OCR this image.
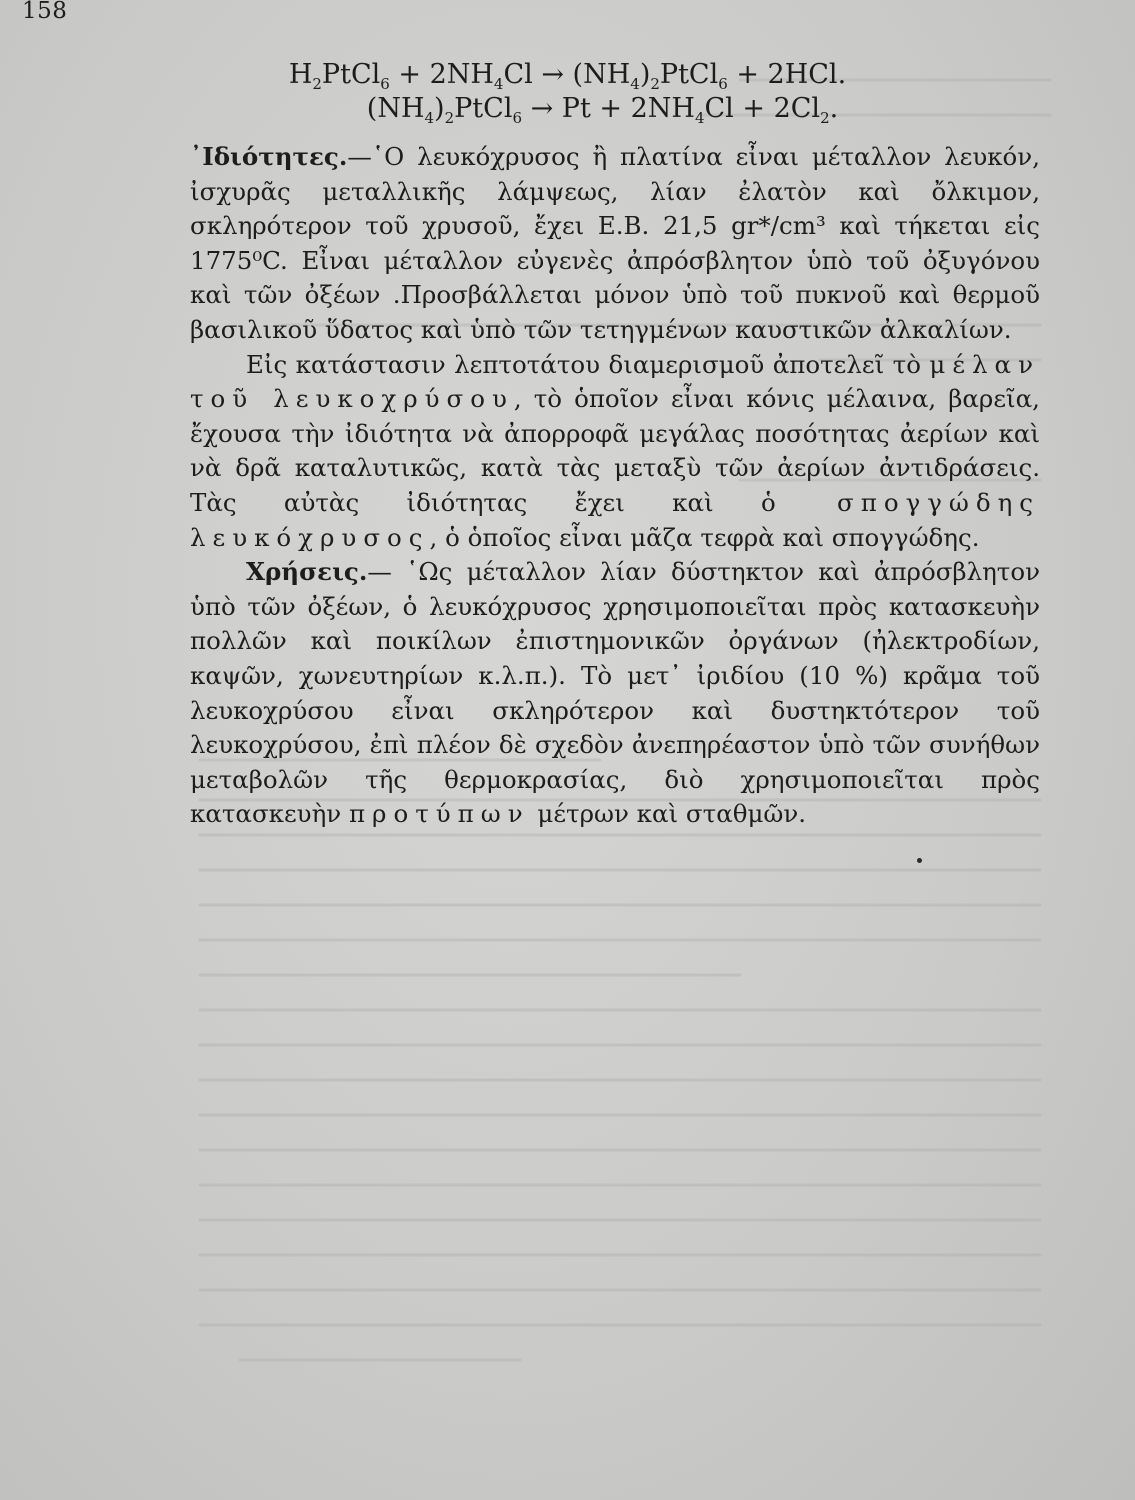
158
$H_2PtCl_6 + 2NH_4Cl$ → $(NH_4)_2PtCl_6 + 2HCl$.
$(NH_4)_2PtCl_6 \to Pt + 2NH_4Cl + 2Cl_2$.

᾿Ιδιότητες.—῾Ο λευκόχρυσος ἢ πλατίνα εἶναι μέταλλον λευκόν, ἰσχυρᾶς μεταλλικῆς λάμψεως, λίαν ἐλατὸν καὶ ὄλκιμον, σκληρότερον τοῦ χρυσοῦ, ἔχει Ε.Β. 21,5 gr*/cm³ καὶ τήκεται εἰς 1775⁰C. Εἶναι μέταλλον εὐγενὲς ἀπρόσβλητον ὑπὸ τοῦ ὀξυγόνου καὶ τῶν ὀξέων .Προσβάλλεται μόνον ὑπὸ τοῦ πυκνοῦ καὶ θερμοῦ βασιλικοῦ ὕδατος καὶ ὑπὸ τῶν τετηγμένων καυστικῶν ἀλκαλίων.

Εἰς κατάστασιν λεπτοτάτου διαμερισμοῦ ἀποτελεῖ τὸ μέλαν τοῦ λευκοχρύσου, τὸ ὁποῖον εἶναι κόνις μέλαινα, βαρεῖα, ἔχουσα τὴν ἰδιότητα νὰ ἀπορροφᾶ μεγάλας ποσότητας ἀερίων καὶ νὰ δρᾶ καταλυτικῶς, κατὰ τὰς μεταξὺ τῶν ἀερίων ἀντιδράσεις. Τὰς αὐτὰς ἰδιότητας ἔχει καὶ ὁ σπογγώδης λευκόχρυσος, ὁ ὁποῖος εἶναι μᾶζα τεφρὰ καὶ σπογγώδης.

Χρήσεις.— ῾Ως μέταλλον λίαν δύστηκτον καὶ ἀπρόσβλητον ὑπὸ τῶν ὀξέων, ὁ λευκόχρυσος χρησιμοποιεῖται πρὸς κατασκευὴν πολλῶν καὶ ποικίλων ἐπιστημονικῶν ὀργάνων (ἠλεκτροδίων, καψῶν, χωνευτηρίων κ.λ.π.). Τὸ μετ᾿ ἰριδίου (10 %) κρᾶμα τοῦ λευκοχρύσου εἶναι σκληρότερον καὶ δυστηκτότερον τοῦ λευκοχρύσου, ἐπὶ πλέον δὲ σχεδὸν ἀνεπηρέαστον ὑπὸ τῶν συνήθων μεταβολῶν τῆς θερμοκρασίας, διὸ χρησιμοποιεῖται πρὸς κατασκευὴν προτύπων μέτρων καὶ σταθμῶν.
